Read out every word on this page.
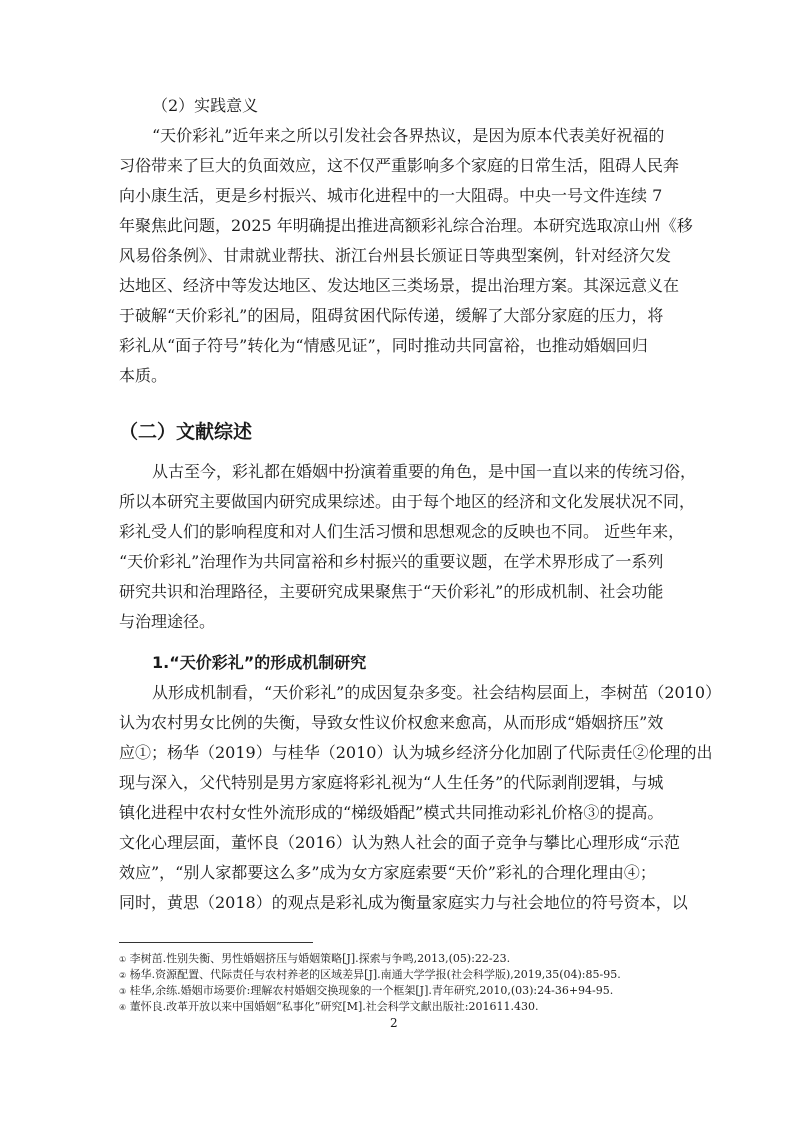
（2）实践意义
“天价彩礼”近年来之所以引发社会各界热议，是因为原本代表美好祝福的
习俗带来了巨大的负面效应，这不仅严重影响多个家庭的日常生活，阻碍人民奔
向小康生活，更是乡村振兴、城市化进程中的一大阻碍。中央一号文件连续 7
年聚焦此问题，2025 年明确提出推进高额彩礼综合治理。本研究选取凉山州《移
风易俗条例》、甘肃就业帮扶、浙江台州县长颁证日等典型案例，针对经济欠发
达地区、经济中等发达地区、发达地区三类场景，提出治理方案。其深远意义在
于破解“天价彩礼”的困局，阻碍贫困代际传递，缓解了大部分家庭的压力，将
彩礼从“面子符号”转化为“情感见证”，同时推动共同富裕，也推动婚姻回归
本质。
（二）文献综述
从古至今，彩礼都在婚姻中扮演着重要的角色，是中国一直以来的传统习俗，
所以本研究主要做国内研究成果综述。由于每个地区的经济和文化发展状况不同，
彩礼受人们的影响程度和对人们生活习惯和思想观念的反映也不同。 近些年来，
“天价彩礼”治理作为共同富裕和乡村振兴的重要议题，在学术界形成了一系列
研究共识和治理路径，主要研究成果聚焦于“天价彩礼”的形成机制、社会功能
与治理途径。
1.“天价彩礼”的形成机制研究
从形成机制看，“天价彩礼”的成因复杂多变。社会结构层面上，李树茁（2010）
认为农村男女比例的失衡，导致女性议价权愈来愈高，从而形成“婚姻挤压”效
应①；杨华（2019）与桂华（2010）认为城乡经济分化加剧了代际责任②伦理的出
现与深入，父代特别是男方家庭将彩礼视为“人生任务”的代际剥削逻辑，与城
镇化进程中农村女性外流形成的“梯级婚配”模式共同推动彩礼价格③的提高。
文化心理层面，董怀良（2016）认为熟人社会的面子竞争与攀比心理形成“示范
效应”，“别人家都要这么多”成为女方家庭索要“天价”彩礼的合理化理由④；
同时，黄思（2018）的观点是彩礼成为衡量家庭实力与社会地位的符号资本，以
① 李树茁.性别失衡、男性婚姻挤压与婚姻策略[J].探索与争鸣,2013,(05):22-23.
② 杨华.资源配置、代际责任与农村养老的区域差异[J].南通大学学报(社会科学版),2019,35(04):85-95.
③ 桂华,余练.婚姻市场要价:理解农村婚姻交换现象的一个框架[J].青年研究,2010,(03):24-36+94-95.
④ 董怀良.改革开放以来中国婚姻“私事化”研究[M].社会科学文献出版社:201611.430.
2
